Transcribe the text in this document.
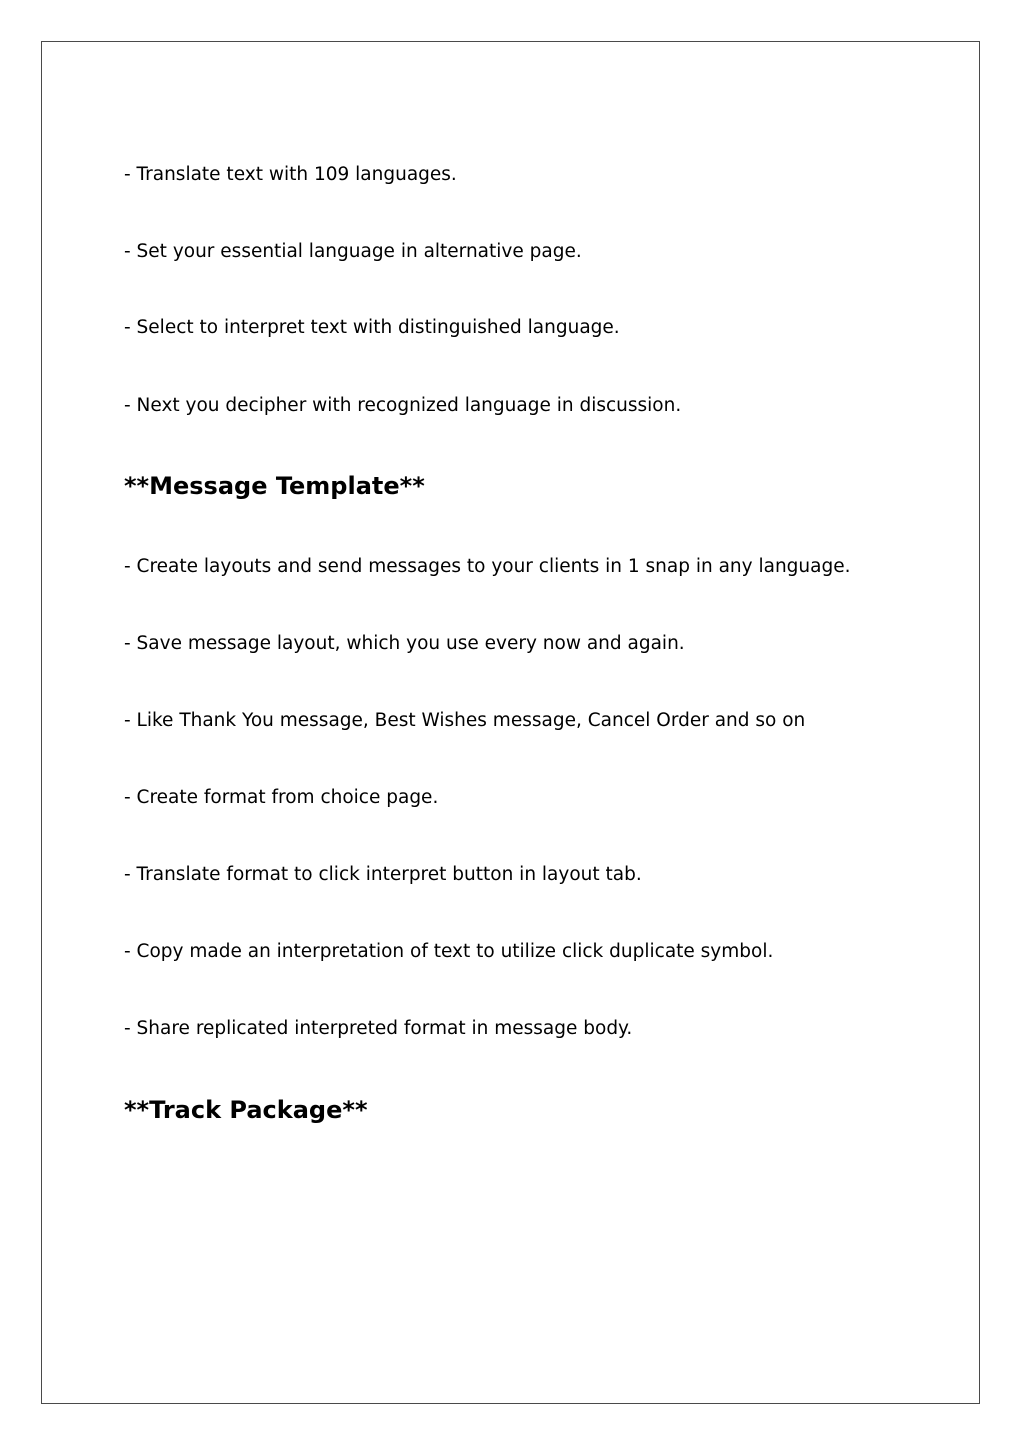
- Translate text with 109 languages.

- Set your essential language in alternative page.

- Select to interpret text with distinguished language.

- Next you decipher with recognized language in discussion.

**Message Template**

- Create layouts and send messages to your clients in 1 snap in any language.

- Save message layout, which you use every now and again.

- Like Thank You message, Best Wishes message, Cancel Order and so on

- Create format from choice page.

- Translate format to click interpret button in layout tab.

- Copy made an interpretation of text to utilize click duplicate symbol.

- Share replicated interpreted format in message body.

**Track Package**
